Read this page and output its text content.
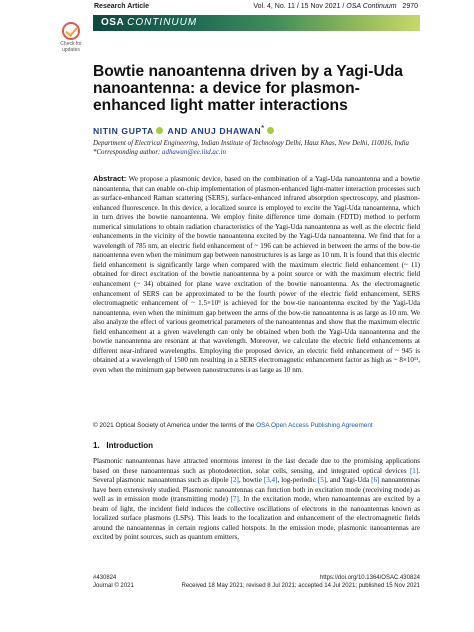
Research Article	Vol. 4, No. 11 / 15 Nov 2021 / OSA Continuum 2970
OSA CONTINUUM
Check for
updates
Bowtie nanoantenna driven by a Yagi-Uda nanoantenna: a device for plasmon-enhanced light matter interactions
NITIN GUPTA AND ANUJ DHAWAN*
Department of Electrical Engineering, Indian Institute of Technology Delhi, Hauz Khas, New Delhi, 110016, India
*Corresponding author: adhawan@ee.iitd.ac.in
Abstract: We propose a plasmonic device, based on the combination of a Yagi-Uda nanoantenna and a bowtie nanoantenna, that can enable on-chip implementation of plasmon-enhanced light-matter interaction processes such as surface-enhanced Raman scattering (SERS), surface-enhanced infrared absorption spectroscopy, and plasmon-enhanced fluorescence. In this device, a localized source is employed to excite the Yagi-Uda nanoantenna, which in turn drives the bowtie nanoantenna. We employ finite difference time domain (FDTD) method to perform numerical simulations to obtain radiation characteristics of the Yagi-Uda nanoantenna as well as the electric field enhancements in the vicinity of the bowtie nanoantenna excited by the Yagi-Uda nanoantenna. We find that for a wavelength of 785 nm, an electric field enhancement of ~ 196 can be achieved in between the arms of the bow-tie nanoantenna even when the minimum gap between nanostructures is as large as 10 nm. It is found that this electric field enhancement is significantly large when compared with the maximum electric field enhancement (~ 11) obtained for direct excitation of the bowtie nanoantenna by a point source or with the maximum electric field enhancement (~ 34) obtained for plane wave excitation of the bowtie nanoantenna. As the electromagnetic enhancement of SERS can be approximated to be the fourth power of the electric field enhancement, SERS electromagnetic enhancement of ~ 1.5×10⁹ is achieved for the bow-tie nanoantenna excited by the Yagi-Uda nanoantenna, even when the minimum gap between the arms of the bow-tie nanoantenna is as large as 10 nm. We also analyze the effect of various geometrical parameters of the nanoantennas and show that the maximum electric field enhancement at a given wavelength can only be obtained when both the Yagi-Uda nanoantenna and the bowtie nanoantenna are resonant at that wavelength. Moreover, we calculate the electric field enhancements at different near-infrared wavelengths. Employing the proposed device, an electric field enhancement of ~ 945 is obtained at a wavelength of 1500 nm resulting in a SERS electromagnetic enhancement factor as high as ~ 8×10¹¹, even when the minimum gap between nanostructures is as large as 10 nm.
© 2021 Optical Society of America under the terms of the OSA Open Access Publishing Agreement
1. Introduction
Plasmonic nanoantennas have attracted enormous interest in the last decade due to the promising applications based on these nanoantennas such as photodetection, solar cells, sensing, and integrated optical devices [1]. Several plasmonic nanoantennas such as dipole [2], bowtie [3,4], log-periodic [5], and Yagi-Uda [6] nanoantennas have been extensively studied. Plasmonic nanoantennas can function both in excitation mode (receiving mode) as well as in emission mode (transmitting mode) [7]. In the excitation mode, when nanoantennas are excited by a beam of light, the incident field induces the collective oscillations of electrons in the nanoantennas known as localized surface plasmons (LSPs). This leads to the localization and enhancement of the electromagnetic fields around the nanoantennas in certain regions called hotspots. In the emission mode, plasmonic nanoantennas are excited by point sources, such as quantum emitters,
#430824
Journal © 2021
https://doi.org/10.1364/OSAC.430824
Received 18 May 2021; revised 8 Jul 2021; accepted 14 Jul 2021; published 15 Nov 2021
